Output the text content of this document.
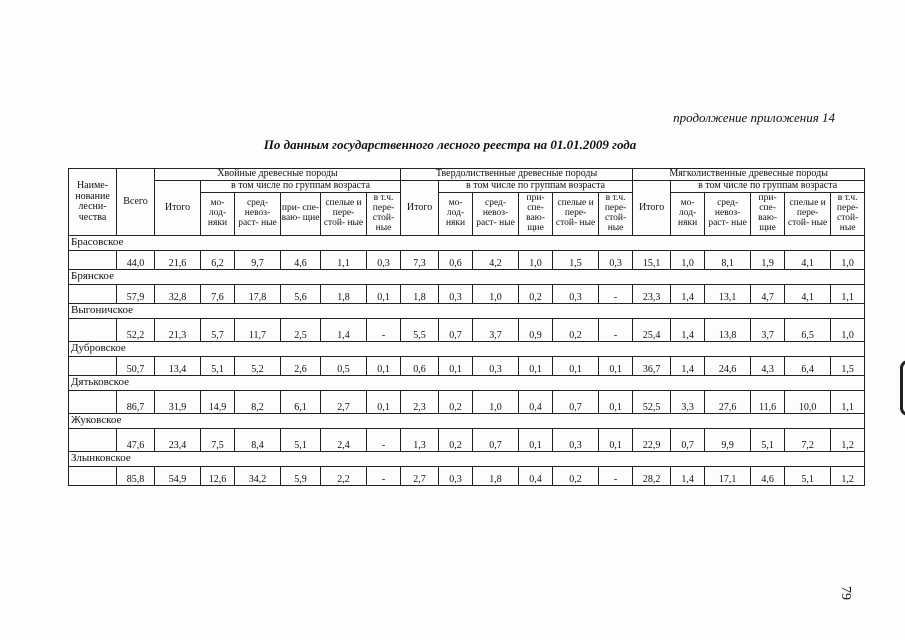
продолжение приложения 14
По данным государственного лесного реестра на 01.01.2009 года
79
Наиме- нование лесни- чества	Всего	Хвойные древесные породы						Твердолиственные древесные породы						Мягколиственные древесные породы					
		Итого	в том числе по группам возраста					Итого	в том числе по группам возраста					Итого	в том числе по группам возраста				
			мо- лод- няки	сред- невоз- раст- ные	при- спе- ваю- щие	спелые и пере- стой- ные	в т.ч. пере- стой- ные		мо- лод- няки	сред- невоз- раст- ные	при- спе- ваю- щие	спелые и пере- стой- ные	в т.ч. пере- стой- ные		мо- лод- няки	сред- невоз- раст- ные	при- спе- ваю- щие	спелые и пере- стой- ные	в т.ч. пере- стой- ные
Брасовское																			
	44,0	21,6	6,2	9,7	4,6	1,1	0,3	7,3	0,6	4,2	1,0	1,5	0,3	15,1	1,0	8,1	1,9	4,1	1,0
Брянское																			
	57,9	32,8	7,6	17,8	5,6	1,8	0,1	1,8	0,3	1,0	0,2	0,3	-	23,3	1,4	13,1	4,7	4,1	1,1
Выгоничское																			
	52,2	21,3	5,7	11,7	2,5	1,4	-	5,5	0,7	3,7	0,9	0,2	-	25,4	1,4	13,8	3,7	6,5	1,0
Дубровское																			
	50,7	13,4	5,1	5,2	2,6	0,5	0,1	0,6	0,1	0,3	0,1	0,1	0,1	36,7	1,4	24,6	4,3	6,4	1,5
Дятьковское																			
	86,7	31,9	14,9	8,2	6,1	2,7	0,1	2,3	0,2	1,0	0,4	0,7	0,1	52,5	3,3	27,6	11,6	10,0	1,1
Жуковское																			
	47,6	23,4	7,5	8,4	5,1	2,4	-	1,3	0,2	0,7	0,1	0,3	0,1	22,9	0,7	9,9	5,1	7,2	1,2
Злынковское																			
	85,8	54,9	12,6	34,2	5,9	2,2	-	2,7	0,3	1,8	0,4	0,2	-	28,2	1,4	17,1	4,6	5,1	1,2
